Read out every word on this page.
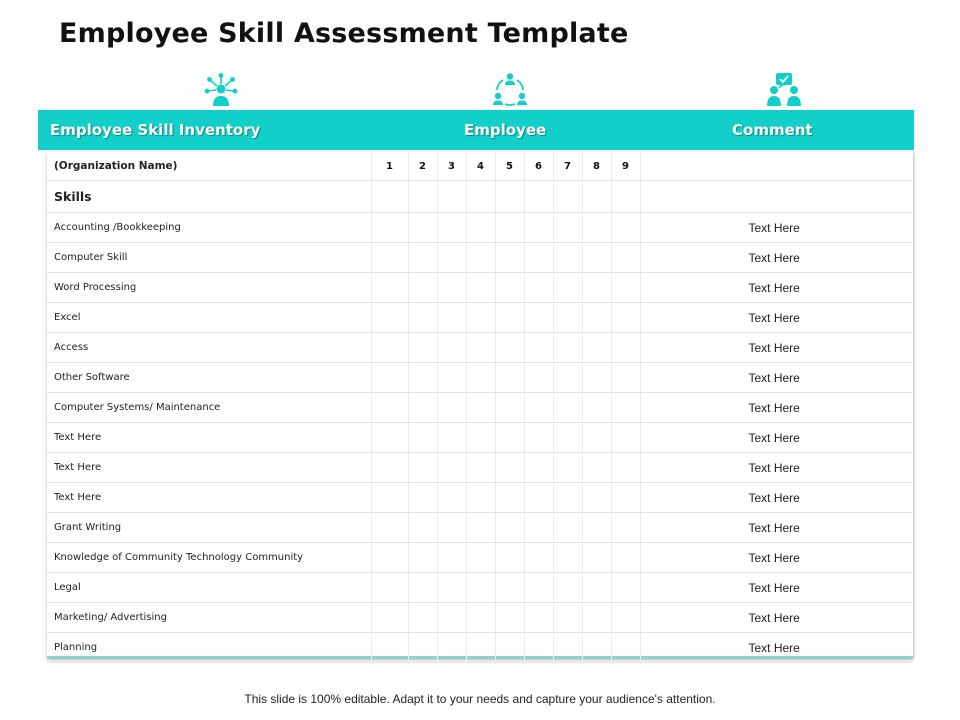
Employee Skill Assessment Template
Employee Skill Inventory	Employee	Comment
(Organization Name)	1	2	3	4	5	6	7	8	9	
Skills										
Accounting /Bookkeeping										Text Here
Computer Skill										Text Here
Word Processing										Text Here
Excel										Text Here
Access										Text Here
Other Software										Text Here
Computer Systems/ Maintenance										Text Here
Text Here										Text Here
Text Here										Text Here
Text Here										Text Here
Grant Writing										Text Here
Knowledge of Community Technology Community										Text Here
Legal										Text Here
Marketing/ Advertising										Text Here
Planning										Text Here
This slide is 100% editable. Adapt it to your needs and capture your audience's attention.
